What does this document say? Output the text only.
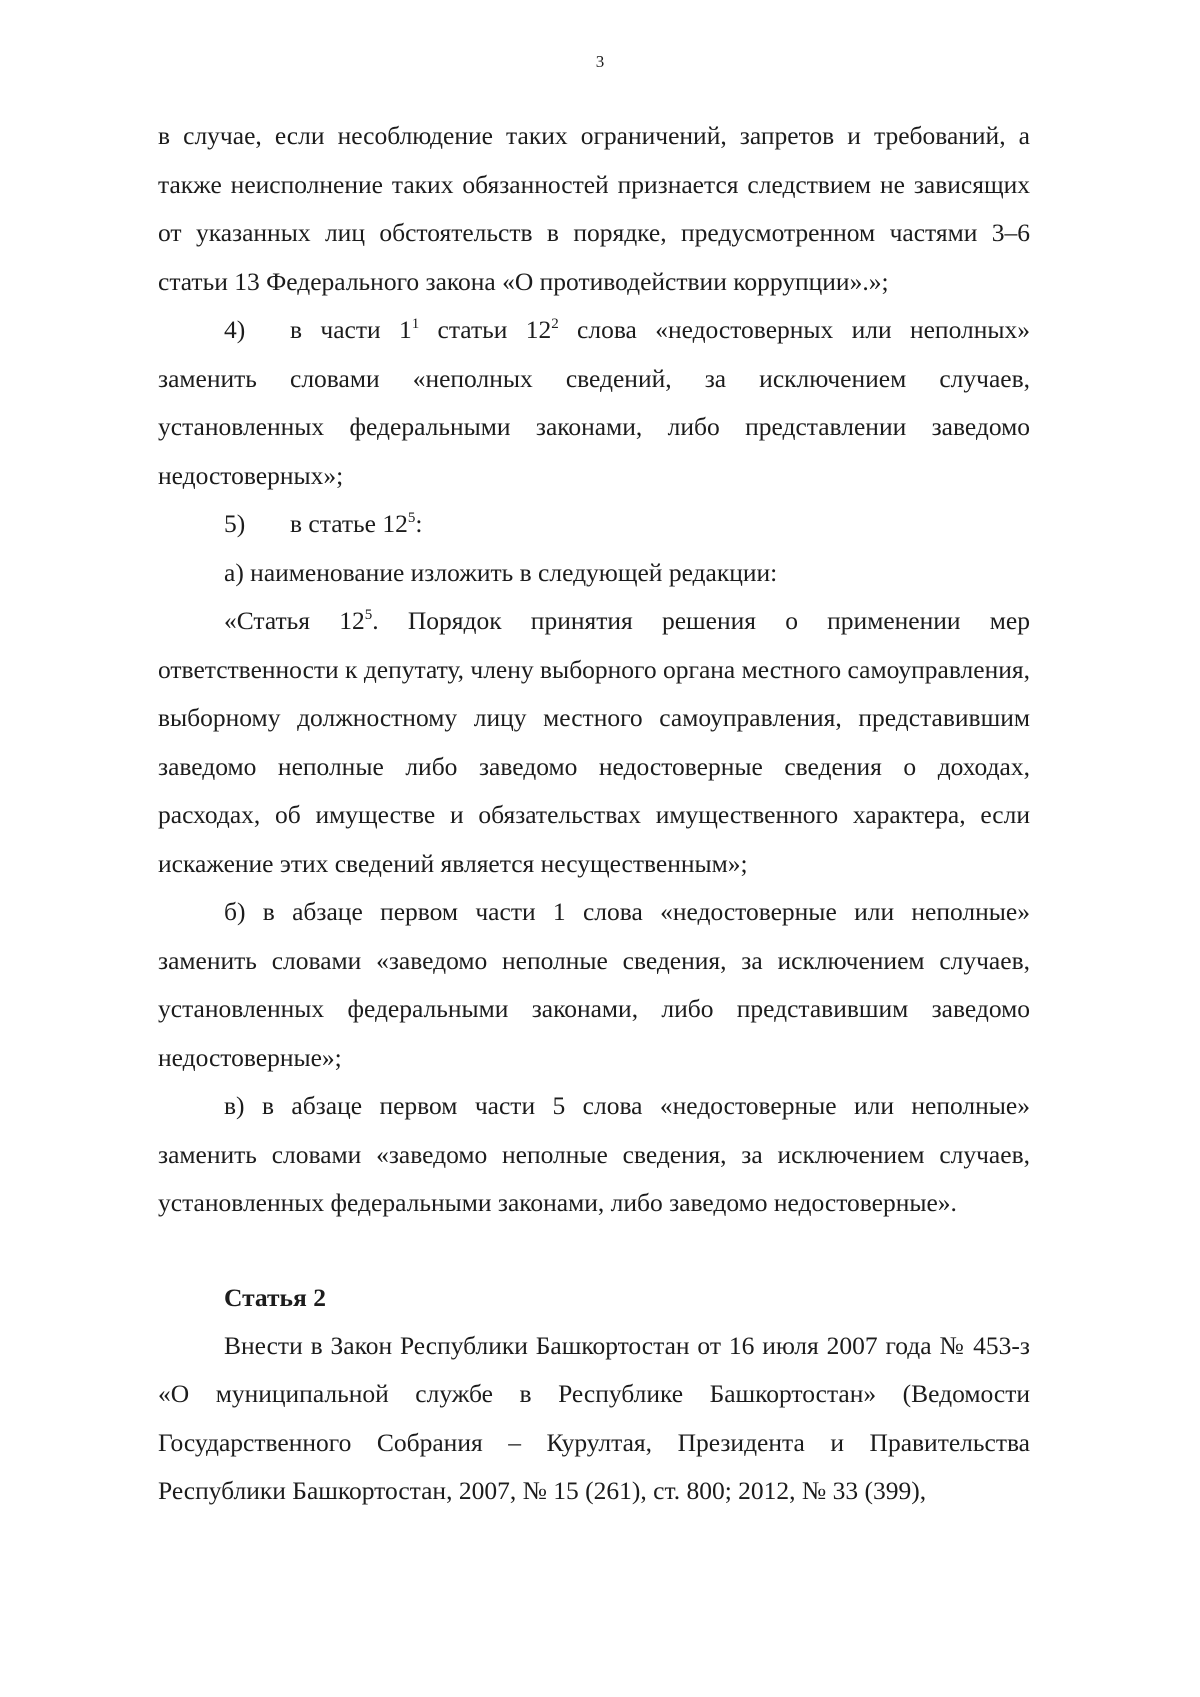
3

в случае, если несоблюдение таких ограничений, запретов и требований, а также неисполнение таких обязанностей признается следствием не зависящих от указанных лиц обстоятельств в порядке, предусмотренном частями 3–6 статьи 13 Федерального закона «О противодействии коррупции».»;

4) в части $1^1$ статьи $12^2$ слова «недостоверных или неполных» заменить словами «неполных сведений, за исключением случаев, установленных федеральными законами, либо представлении заведомо недостоверных»;

5) в статье $12^5$:

а) наименование изложить в следующей редакции:

«Статья $12^5$. Порядок принятия решения о применении мер ответственности к депутату, члену выборного органа местного самоуправления, выборному должностному лицу местного самоуправления, представившим заведомо неполные либо заведомо недостоверные сведения о доходах, расходах, об имуществе и обязательствах имущественного характера, если искажение этих сведений является несущественным»;

б) в абзаце первом части 1 слова «недостоверные или неполные» заменить словами «заведомо неполные сведения, за исключением случаев, установленных федеральными законами, либо представившим заведомо недостоверные»;

в) в абзаце первом части 5 слова «недостоверные или неполные» заменить словами «заведомо неполные сведения, за исключением случаев, установленных федеральными законами, либо заведомо недостоверные».

Статья 2

Внести в Закон Республики Башкортостан от 16 июля 2007 года № 453-з «О муниципальной службе в Республике Башкортостан» (Ведомости Государственного Собрания – Курултая, Президента и Правительства Республики Башкортостан, 2007, № 15 (261), ст. 800; 2012, № 33 (399),
